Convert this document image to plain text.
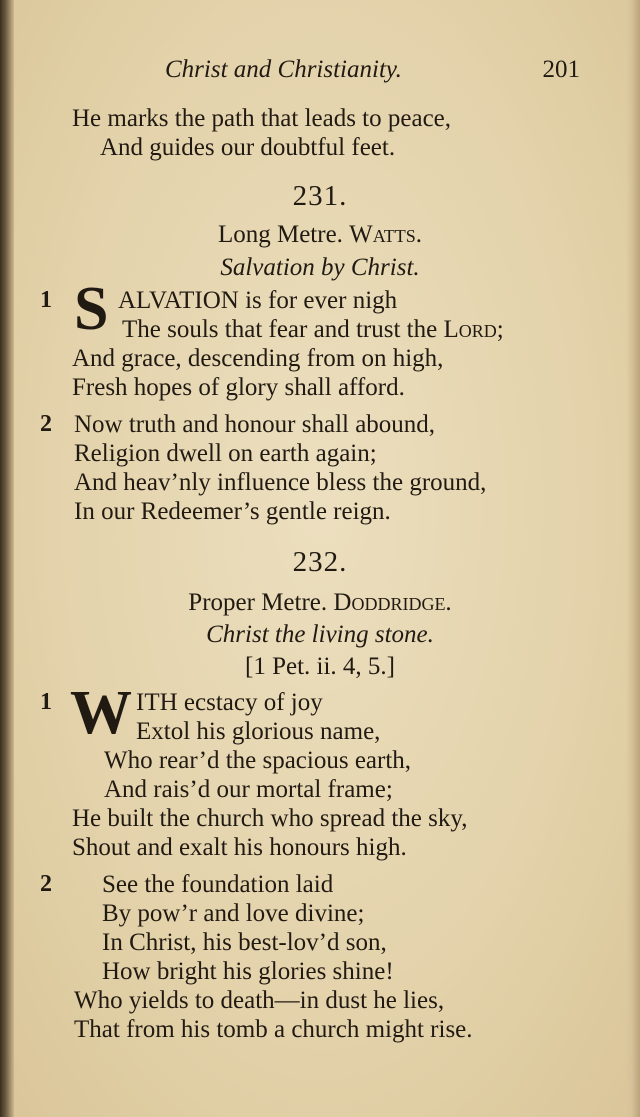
Christ and Christianity.	201
He marks the path that leads to peace,
And guides our doubtful feet.
231.
Long Metre. Watts.
Salvation by Christ.
1 S ALVATION is for ever nigh
The souls that fear and trust the Lord;
And grace, descending from on high,
Fresh hopes of glory shall afford.
2 Now truth and honour shall abound,
Religion dwell on earth again;
And heav’nly influence bless the ground,
In our Redeemer’s gentle reign.
232.
Proper Metre. Doddridge.
Christ the living stone.
[1 Pet. ii. 4, 5.]
1 W ITH ecstacy of joy
Extol his glorious name,
Who rear’d the spacious earth,
And rais’d our mortal frame;
He built the church who spread the sky,
Shout and exalt his honours high.
2 See the foundation laid
By pow’r and love divine;
In Christ, his best-lov’d son,
How bright his glories shine!
Who yields to death—in dust he lies,
That from his tomb a church might rise.
